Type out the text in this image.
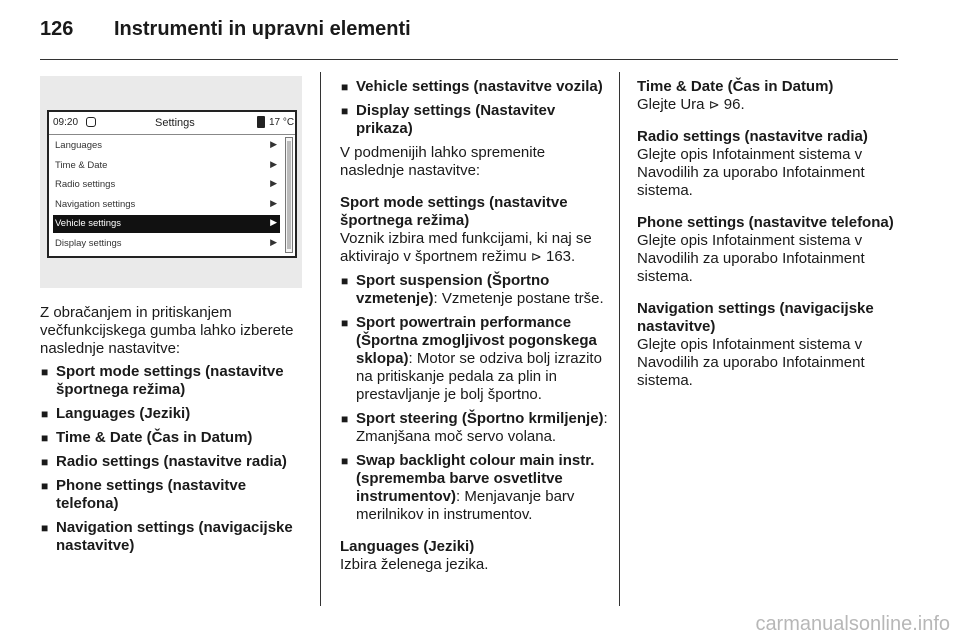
126 Instrumenti in upravni elementi
09:20	Settings	17 °C
Languages	▶
Time & Date	▶
Radio settings	▶
Navigation settings	▶
Vehicle settings	▶
Display settings	▶

Z obračanjem in pritiskanjem večfunkcijskega gumba lahko izberete naslednje nastavitve:

■ Sport mode settings (nastavitve športnega režima)
■ Languages (Jeziki)
■ Time & Date (Čas in Datum)
■ Radio settings (nastavitve radia)
■ Phone settings (nastavitve telefona)
■ Navigation settings (navigacijske nastavitve)
■ Vehicle settings (nastavitve vozila)
■ Display settings (Nastavitev prikaza)

V podmenijih lahko spremenite naslednje nastavitve:

Sport mode settings (nastavitve športnega režima)

Voznik izbira med funkcijami, ki naj se aktivirajo v športnem režimu ⊳ 163.

■ Sport suspension (Športno vzmetenje): Vzmetenje postane trše.
■ Sport powertrain performance (Športna zmogljivost pogonskega sklopa): Motor se odziva bolj izrazito na pritiskanje pedala za plin in prestavljanje je bolj športno.
■ Sport steering (Športno krmiljenje): Zmanjšana moč servo volana.
■ Swap backlight colour main instr. (sprememba barve osvetlitve instrumentov): Menjavanje barv merilnikov in instrumentov.

Languages (Jeziki)

Izbira želenega jezika.

Time & Date (Čas in Datum)

Glejte Ura ⊳ 96.

Radio settings (nastavitve radia)

Glejte opis Infotainment sistema v Navodilih za uporabo Infotainment sistema.

Phone settings (nastavitve telefona)

Glejte opis Infotainment sistema v Navodilih za uporabo Infotainment sistema.

Navigation settings (navigacijske nastavitve)

Glejte opis Infotainment sistema v Navodilih za uporabo Infotainment sistema.

carmanualsonline.info
